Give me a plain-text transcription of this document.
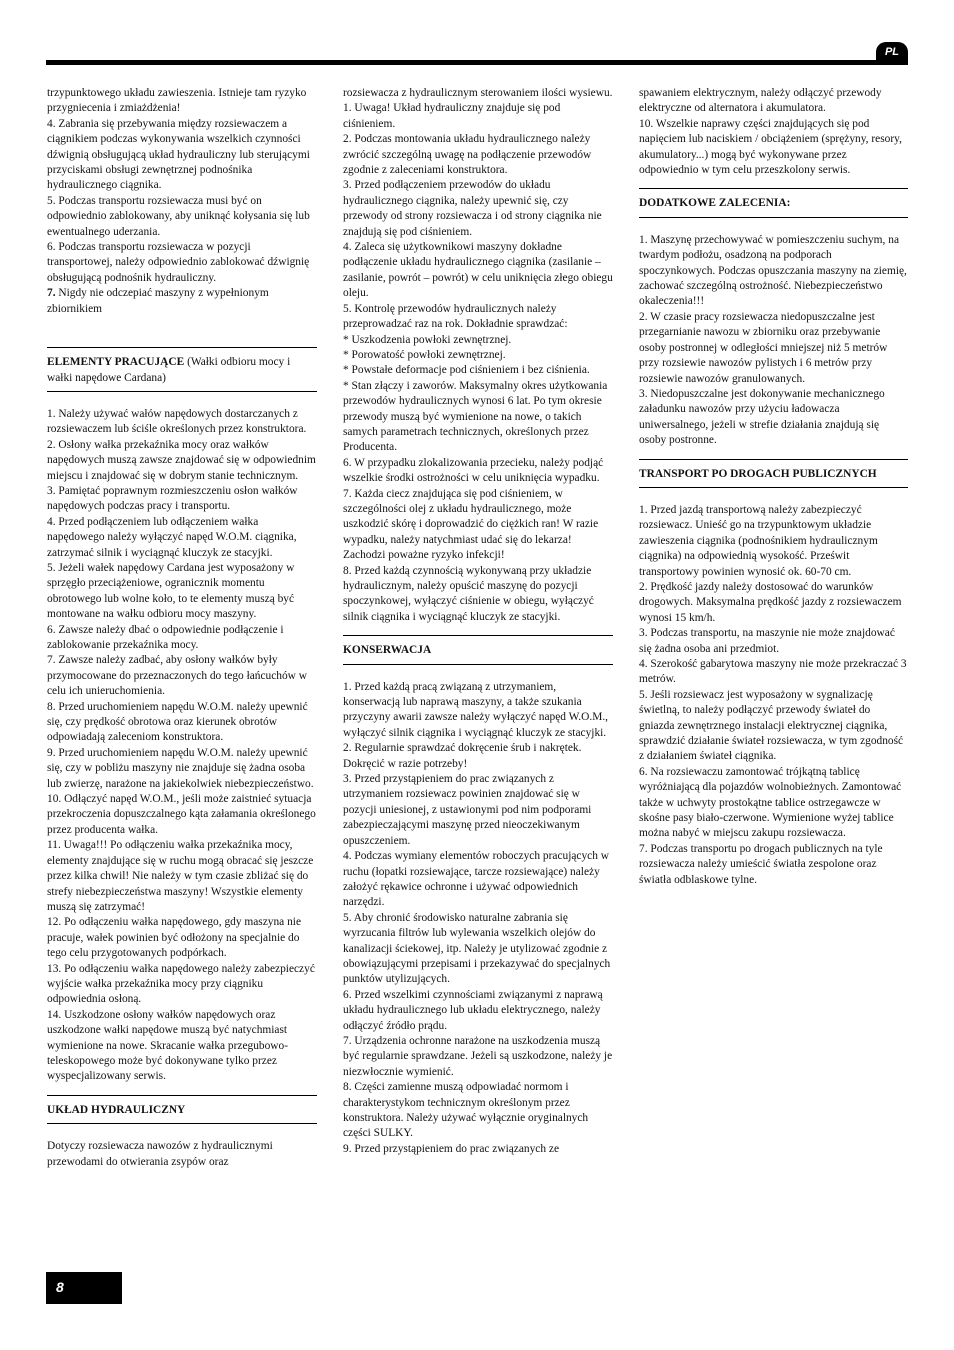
PL

trzypunktowego układu zawieszenia. Istnieje tam ryzyko przygniecenia i zmiażdżenia!

4. Zabrania się przebywania między rozsiewaczem a ciągnikiem podczas wykonywania wszelkich czynności dźwignią obsługującą układ hydrauliczny lub sterującymi przyciskami obsługi zewnętrznej podnośnika hydraulicznego ciągnika.

5. Podczas transportu rozsiewacza musi być on odpowiednio zablokowany, aby uniknąć kołysania się lub ewentualnego uderzania.

6. Podczas transportu rozsiewacza w pozycji transportowej, należy odpowiednio zablokować dźwignię obsługującą podnośnik hydrauliczny.

7. Nigdy nie odczepiać maszyny z wypełnionym zbiornikiem

ELEMENTY PRACUJĄCE (Wałki odbioru mocy i wałki napędowe Cardana)

1. Należy używać wałów napędowych dostarczanych z rozsiewaczem lub ściśle określonych przez konstruktora.

2. Osłony wałka przekaźnika mocy oraz wałków napędowych muszą zawsze znajdować się w odpowiednim miejscu i znajdować się w dobrym stanie technicznym.

3. Pamiętać poprawnym rozmieszczeniu osłon wałków napędowych podczas pracy i transportu.

4. Przed podłączeniem lub odłączeniem wałka napędowego należy wyłączyć napęd W.O.M. ciągnika, zatrzymać silnik i wyciągnąć kluczyk ze stacyjki.

5. Jeżeli wałek napędowy Cardana jest wyposażony w sprzęgło przeciążeniowe, ogranicznik momentu obrotowego lub wolne koło, to te elementy muszą być montowane na wałku odbioru mocy maszyny.

6. Zawsze należy dbać o odpowiednie podłączenie i zablokowanie przekaźnika mocy.

7. Zawsze należy zadbać, aby osłony wałków były przymocowane do przeznaczonych do tego łańcuchów w celu ich unieruchomienia.

8. Przed uruchomieniem napędu W.O.M. należy upewnić się, czy prędkość obrotowa oraz kierunek obrotów odpowiadają zaleceniom konstruktora.

9. Przed uruchomieniem napędu W.O.M. należy upewnić się, czy w pobliżu maszyny nie znajduje się żadna osoba lub zwierzę, narażone na jakiekolwiek niebezpieczeństwo.

10. Odłączyć napęd W.O.M., jeśli może zaistnieć sytuacja przekroczenia dopuszczalnego kąta załamania określonego przez producenta wałka.

11. Uwaga!!! Po odłączeniu wałka przekaźnika mocy, elementy znajdujące się w ruchu mogą obracać się jeszcze przez kilka chwil! Nie należy w tym czasie zbliżać się do strefy niebezpieczeństwa maszyny! Wszystkie elementy muszą się zatrzymać!

12. Po odłączeniu wałka napędowego, gdy maszyna nie pracuje, wałek powinien być odłożony na specjalnie do tego celu przygotowanych podpórkach.

13. Po odłączeniu wałka napędowego należy zabezpieczyć wyjście wałka przekaźnika mocy przy ciągniku odpowiednia osłoną.

14. Uszkodzone osłony wałków napędowych oraz uszkodzone wałki napędowe muszą być natychmiast wymienione na nowe. Skracanie wałka przegubowo-teleskopowego może być dokonywane tylko przez wyspecjalizowany serwis.

UKŁAD HYDRAULICZNY

Dotyczy rozsiewacza nawozów z hydraulicznymi przewodami do otwierania zsypów oraz

rozsiewacza z hydraulicznym sterowaniem ilości wysiewu.

1. Uwaga! Układ hydrauliczny znajduje się pod ciśnieniem.

2. Podczas montowania układu hydraulicznego należy zwrócić szczególną uwagę na podłączenie przewodów zgodnie z zaleceniami konstruktora.

3. Przed podłączeniem przewodów do układu hydraulicznego ciągnika, należy upewnić się, czy przewody od strony rozsiewacza i od strony ciągnika nie znajdują się pod ciśnieniem.

4. Zaleca się użytkownikowi maszyny dokładne podłączenie układu hydraulicznego ciągnika (zasilanie – zasilanie, powrót – powrót) w celu uniknięcia złego obiegu oleju.

5. Kontrolę przewodów hydraulicznych należy przeprowadzać raz na rok. Dokładnie sprawdzać:

* Uszkodzenia powłoki zewnętrznej.

* Porowatość powłoki zewnętrznej.

* Powstałe deformacje pod ciśnieniem i bez ciśnienia.

* Stan złączy i zaworów. Maksymalny okres użytkowania przewodów hydraulicznych wynosi 6 lat. Po tym okresie przewody muszą być wymienione na nowe, o takich samych parametrach technicznych, określonych przez Producenta.

6. W przypadku zlokalizowania przecieku, należy podjąć wszelkie środki ostrożności w celu uniknięcia wypadku.

7. Każda ciecz znajdująca się pod ciśnieniem, w szczególności olej z układu hydraulicznego, może uszkodzić skórę i doprowadzić do ciężkich ran! W razie wypadku, należy natychmiast udać się do lekarza! Zachodzi poważne ryzyko infekcji!

8. Przed każdą czynnością wykonywaną przy układzie hydraulicznym, należy opuścić maszynę do pozycji spoczynkowej, wyłączyć ciśnienie w obiegu, wyłączyć silnik ciągnika i wyciągnąć kluczyk ze stacyjki.

KONSERWACJA

1. Przed każdą pracą związaną z utrzymaniem, konserwacją lub naprawą maszyny, a także szukania przyczyny awarii zawsze należy wyłączyć napęd W.O.M., wyłączyć silnik ciągnika i wyciągnąć kluczyk ze stacyjki.

2. Regularnie sprawdzać dokręcenie śrub i nakrętek. Dokręcić w razie potrzeby!

3. Przed przystąpieniem do prac związanych z utrzymaniem rozsiewacz powinien znajdować się w pozycji uniesionej, z ustawionymi pod nim podporami zabezpieczającymi maszynę przed nieoczekiwanym opuszczeniem.

4. Podczas wymiany elementów roboczych pracujących w ruchu (łopatki rozsiewające, tarcze rozsiewające) należy założyć rękawice ochronne i używać odpowiednich narzędzi.

5. Aby chronić środowisko naturalne zabrania się wyrzucania filtrów lub wylewania wszelkich olejów do kanalizacji ściekowej, itp. Należy je utylizować zgodnie z obowiązującymi przepisami i przekazywać do specjalnych punktów utylizujących.

6. Przed wszelkimi czynnościami związanymi z naprawą układu hydraulicznego lub układu elektrycznego, należy odłączyć źródło prądu.

7. Urządzenia ochronne narażone na uszkodzenia muszą być regularnie sprawdzane. Jeżeli są uszkodzone, należy je niezwłocznie wymienić.

8. Części zamienne muszą odpowiadać normom i charakterystykom technicznym określonym przez konstruktora. Należy używać wyłącznie oryginalnych części SULKY.

9. Przed przystąpieniem do prac związanych ze

spawaniem elektrycznym, należy odłączyć przewody elektryczne od alternatora i akumulatora.

10. Wszelkie naprawy części znajdujących się pod napięciem lub naciskiem / obciążeniem (sprężyny, resory, akumulatory...) mogą być wykonywane przez odpowiednio w tym celu przeszkolony serwis.

DODATKOWE ZALECENIA:

1. Maszynę przechowywać w pomieszczeniu suchym, na twardym podłożu, osadzoną na podporach spoczynkowych. Podczas opuszczania maszyny na ziemię, zachować szczególną ostrożność. Niebezpieczeństwo okaleczenia!!!

2. W czasie pracy rozsiewacza niedopuszczalne jest przegarnianie nawozu w zbiorniku oraz przebywanie osoby postronnej w odległości mniejszej niż 5 metrów przy rozsiewie nawozów pylistych i 6 metrów przy rozsiewie nawozów granulowanych.

3. Niedopuszczalne jest dokonywanie mechanicznego załadunku nawozów przy użyciu ładowacza uniwersalnego, jeżeli w strefie działania znajdują się osoby postronne.

TRANSPORT PO DROGACH PUBLICZNYCH

1. Przed jazdą transportową należy zabezpieczyć rozsiewacz. Unieść go na trzypunktowym układzie zawieszenia ciągnika (podnośnikiem hydraulicznym ciągnika) na odpowiednią wysokość. Prześwit transportowy powinien wynosić ok. 60-70 cm.

2. Prędkość jazdy należy dostosować do warunków drogowych. Maksymalna prędkość jazdy z rozsiewaczem wynosi 15 km/h.

3. Podczas transportu, na maszynie nie może znajdować się żadna osoba ani przedmiot.

4. Szerokość gabarytowa maszyny nie może przekraczać 3 metrów.

5. Jeśli rozsiewacz jest wyposażony w sygnalizację świetlną, to należy podłączyć przewody świateł do gniazda zewnętrznego instalacji elektrycznej ciągnika, sprawdzić działanie świateł rozsiewacza, w tym zgodność z działaniem świateł ciągnika.

6. Na rozsiewaczu zamontować trójkątną tablicę wyróżniającą dla pojazdów wolnobieżnych. Zamontować także w uchwyty prostokątne tablice ostrzegawcze w skośne pasy biało-czerwone. Wymienione wyżej tablice można nabyć w miejscu zakupu rozsiewacza.

7. Podczas transportu po drogach publicznych na tyle rozsiewacza należy umieścić światła zespolone oraz światła odblaskowe tylne.

8
